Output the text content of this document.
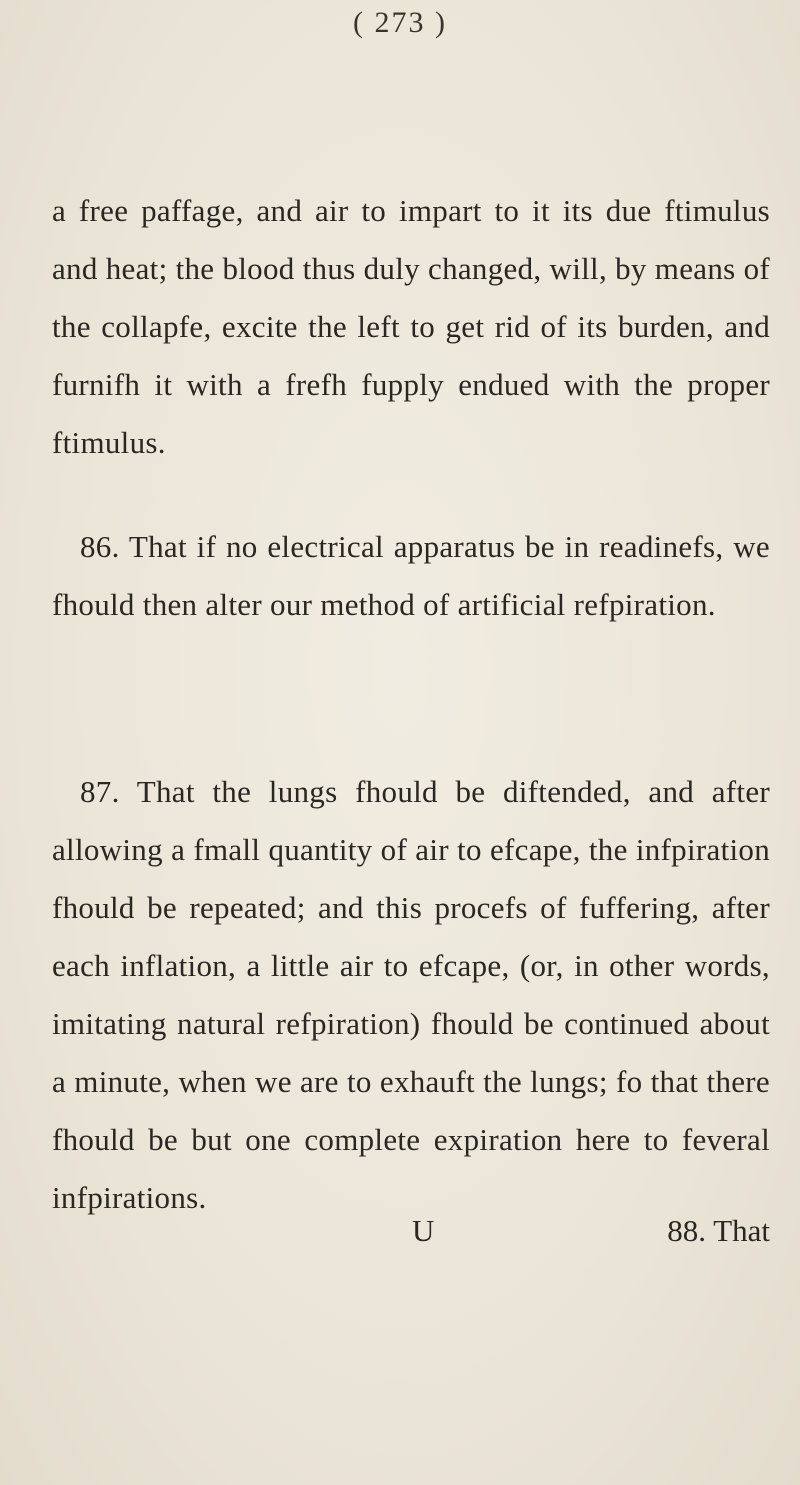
( 273 )

a free paffage, and air to impart to it its due ftimulus and heat; the blood thus duly changed, will, by means of the collapfe, excite the left to get rid of its burden, and furnifh it with a frefh fupply endued with the proper ftimulus.

86. That if no electrical apparatus be in readinefs, we fhould then alter our method of artificial refpiration.

87. That the lungs fhould be diftended, and after allowing a fmall quantity of air to efcape, the infpiration fhould be repeated; and this procefs of fuffering, after each inflation, a little air to efcape, (or, in other words, imitating natural refpiration) fhould be continued about a minute, when we are to exhauft the lungs; fo that there fhould be but one complete expiration here to feveral infpirations.

U	88. That
